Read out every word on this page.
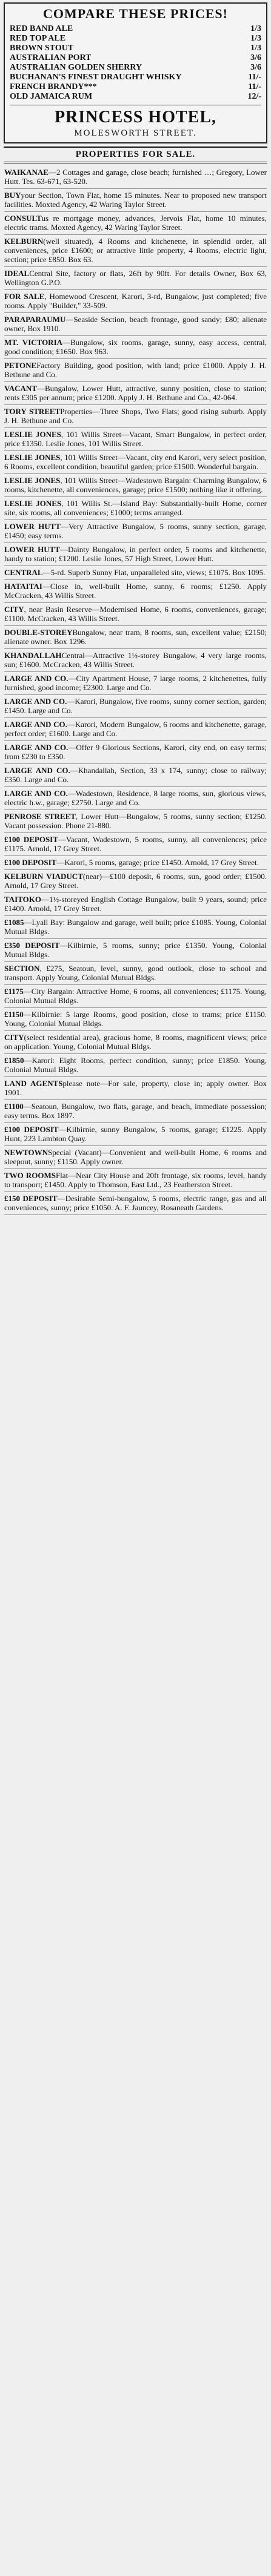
COMPARE THESE PRICES!
RED BAND ALE	1/3
RED TOP ALE	1/3
BROWN STOUT	1/3
AUSTRALIAN PORT	3/6
AUSTRALIAN GOLDEN SHERRY	3/6
BUCHANAN'S FINEST DRAUGHT WHISKY	11/-
FRENCH BRANDY***	11/-
OLD JAMAICA RUM	12/-
PRINCESS HOTEL,

MOLESWORTH STREET.

PROPERTIES FOR SALE.
WAIKANAE—2 Cottages and garage, close beach; furnished …; Gregory, Lower Hutt. Tes. 63-671, 63-520.
BUYyour Section, Town Flat, home 15 minutes. Near to proposed new transport facilities. Moxted Agency, 42 Waring Taylor Street.
CONSULTus re mortgage money, advances, Jervois Flat, home 10 minutes, electric trams. Moxted Agency, 42 Waring Taylor Street.
KELBURN(well situated), 4 Rooms and kitchenette, in splendid order, all conveniences, price £1600; or attractive little property, 4 Rooms, electric light, section; price £850. Box 63.
IDEALCentral Site, factory or flats, 26ft by 90ft. For details Owner, Box 63, Wellington G.P.O.
FOR SALE, Homewood Crescent, Karori, 3-rd, Bungalow, just completed; five rooms. Apply "Builder," 33-509.
PARAPARAUMU—Seaside Section, beach frontage, good sandy; £80; alienate owner, Box 1910.
MT. VICTORIA—Bungalow, six rooms, garage, sunny, easy access, central, good condition; £1650. Box 963.
PETONEFactory Building, good position, with land; price £1000. Apply J. H. Bethune and Co.
VACANT—Bungalow, Lower Hutt, attractive, sunny position, close to station; rents £305 per annum; price £1200. Apply J. H. Bethune and Co., 42-064.
TORY STREETProperties—Three Shops, Two Flats; good rising suburb. Apply J. H. Bethune and Co.
LESLIE JONES, 101 Willis Street—Vacant, Smart Bungalow, in perfect order, price £1350. Leslie Jones, 101 Willis Street.
LESLIE JONES, 101 Willis Street—Vacant, city end Karori, very select position, 6 Rooms, excellent condition, beautiful garden; price £1500. Wonderful bargain.
LESLIE JONES, 101 Willis Street—Wadestown Bargain: Charming Bungalow, 6 rooms, kitchenette, all conveniences, garage; price £1500; nothing like it offering.
LESLIE JONES, 101 Willis St.—Island Bay: Substantially-built Home, corner site, six rooms, all conveniences; £1000; terms arranged.
LOWER HUTT—Very Attractive Bungalow, 5 rooms, sunny section, garage, £1450; easy terms.
LOWER HUTT—Dainty Bungalow, in perfect order, 5 rooms and kitchenette, handy to station; £1200. Leslie Jones, 57 High Street, Lower Hutt.
CENTRAL—5-rd. Superb Sunny Flat, unparalleled site, views; £1075. Box 1095.
HATAITAI—Close in, well-built Home, sunny, 6 rooms; £1250. Apply McCracken, 43 Willis Street.
CITY, near Basin Reserve—Modernised Home, 6 rooms, conveniences, garage; £1100. McCracken, 43 Willis Street.
DOUBLE-STOREYBungalow, near tram, 8 rooms, sun, excellent value; £2150; alienate owner. Box 1296.
KHANDALLAHCentral—Attractive 1½-storey Bungalow, 4 very large rooms, sun; £1600. McCracken, 43 Willis Street.
LARGE AND CO.—City Apartment House, 7 large rooms, 2 kitchenettes, fully furnished, good income; £2300. Large and Co.
LARGE AND CO.—Karori, Bungalow, five rooms, sunny corner section, garden; £1450. Large and Co.
LARGE AND CO.—Karori, Modern Bungalow, 6 rooms and kitchenette, garage, perfect order; £1600. Large and Co.
LARGE AND CO.—Offer 9 Glorious Sections, Karori, city end, on easy terms; from £230 to £350.
LARGE AND CO.—Khandallah, Section, 33 x 174, sunny; close to railway; £350. Large and Co.
LARGE AND CO.—Wadestown, Residence, 8 large rooms, sun, glorious views, electric h.w., garage; £2750. Large and Co.
PENROSE STREET, Lower Hutt—Bungalow, 5 rooms, sunny section; £1250. Vacant possession. Phone 21-880.
£100 DEPOSIT—Vacant, Wadestown, 5 rooms, sunny, all conveniences; price £1175. Arnold, 17 Grey Street.
£100 DEPOSIT—Karori, 5 rooms, garage; price £1450. Arnold, 17 Grey Street.
KELBURN VIADUCT(near)—£100 deposit, 6 rooms, sun, good order; £1500. Arnold, 17 Grey Street.
TAITOKO—1½-storeyed English Cottage Bungalow, built 9 years, sound; price £1400. Arnold, 17 Grey Street.
£1085—Lyall Bay: Bungalow and garage, well built; price £1085. Young, Colonial Mutual Bldgs.
£350 DEPOSIT—Kilbirnie, 5 rooms, sunny; price £1350. Young, Colonial Mutual Bldgs.
SECTION, £275, Seatoun, level, sunny, good outlook, close to school and transport. Apply Young, Colonial Mutual Bldgs.
£1175—City Bargain: Attractive Home, 6 rooms, all conveniences; £1175. Young, Colonial Mutual Bldgs.
£1150—Kilbirnie: 5 large Rooms, good position, close to trams; price £1150. Young, Colonial Mutual Bldgs.
CITY(select residential area), gracious home, 8 rooms, magnificent views; price on application. Young, Colonial Mutual Bldgs.
£1850—Karori: Eight Rooms, perfect condition, sunny; price £1850. Young, Colonial Mutual Bldgs.
LAND AGENTSplease note—For sale, property, close in; apply owner. Box 1901.
£1100—Seatoun, Bungalow, two flats, garage, and beach, immediate possession; easy terms. Box 1897.
£100 DEPOSIT—Kilbirnie, sunny Bungalow, 5 rooms, garage; £1225. Apply Hunt, 223 Lambton Quay.
NEWTOWNSpecial (Vacant)—Convenient and well-built Home, 6 rooms and sleepout, sunny; £1150. Apply owner.
TWO ROOMSFlat—Near City House and 20ft frontage, six rooms, level, handy to transport; £1450. Apply to Thomson, East Ltd., 23 Featherston Street.
£150 DEPOSIT—Desirable Semi-bungalow, 5 rooms, electric range, gas and all conveniences, sunny; price £1050. A. F. Jauncey, Rosaneath Gardens.
